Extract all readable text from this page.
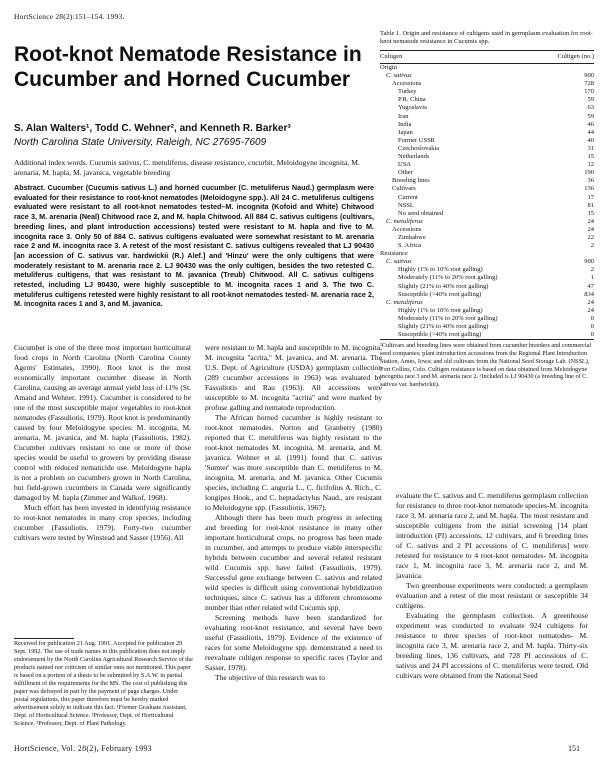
HortScience 28(2):151–154. 1993.
Root-knot Nematode Resistance in Cucumber and Horned Cucumber
S. Alan Walters¹, Todd C. Wehner², and Kenneth R. Barker³
North Carolina State University, Raleigh, NC 27695-7609
Additional index words. Cucumis sativus, C. metuliferus, disease resistance, cucurbit, Meloidogyne incognita, M. arenaria, M. hapla, M. javanica, vegetable breeding
Abstract. Cucumber (Cucumis sativus L.) and horned cucumber (C. metuliferus Naud.) germplasm were evaluated for their resistance to root-knot nematodes (Meloidogyne spp.). All 24 C. metuliferus cultigens evaluated were resistant to all root-knot nematodes tested–M. incognita (Kofoid and White) Chitwood race 3, M. arenaria (Neal) Chitwood race 2, and M. hapla Chitwood. All 884 C. sativus cultigens (cultivars, breeding lines, and plant introduction accessions) tested were resistant to M. hapla and five to M. incognita race 3. Only 50 of 884 C. sativus cultigens evaluated were somewhat resistant to M. arenaria race 2 and M. incognita race 3. A retest of the most resistant C. sativus cultigens revealed that LJ 90430 [an accession of C. sativus var. hardwickii (R.) Alef.] and 'Hinzu' were the only cultigens that were moderately resistant to M. arenaria race 2. LJ 90430 was the only cultigen, besides the two retested C. metuliferus cultigens, that was resistant to M. javanica (Treub) Chitwood. All C. sativus cultigens retested, including LJ 90430, were highly susceptible to M. incognita races 1 and 3. The two C. metuliferus cultigens retested were highly resistant to all root-knot nematodes tested- M. arenaria race 2, M. incognita races 1 and 3, and M. javanica.

Cucumber is one of the three most important horticultural food crops in North Carolina (North Carolina County Agents' Estimates, 1990). Root knot is the most economically important cucumber disease in North Carolina, causing an average annual yield loss of 11% (St. Amand and Wehner, 1991). Cucumber is considered to be one of the most susceptible major vegetables to root-knot nematodes (Fassuliotis, 1979). Root knot is predominantly caused by four Meloidogyne species: M. incognita, M. arenaria, M. javanica, and M. hapla (Fassuliotis, 1982). Cucumber cultivars resistant to one or more of those species would be useful to growers by providing disease control with reduced nematicide use. Meloidogyne hapla is not a problem on cucumbers grown in North Carolina, but field-grown cucumbers in Canada were significantly damaged by M. hapla (Zimmer and Walkof, 1968).

Much effort has been invested in identifying resistance to root-knot nematodes in many crop species, including cucumber (Fassuliotis, 1979). Forty-two cucumber cultivars were tested by Winstead and Sasser (1956). All

were resistant to M. hapla and susceptible to M. incognita, M. incognita "acrita," M. javanica, and M. arenaria. The U.S. Dept. of Agriculture (USDA) germplasm collection (289 cucumber accessions in 1963) was evaluated by Fassuliotis and Rau (1963). All accessions were susceptible to M. incognita "acrita" and were marked by profuse galling and nematode reproduction.

The African horned cucumber is highly resistant to root-knot nematodes. Norton and Granberry (1980) reported that C. metuliferus was highly resistant to the root-knot nematodes M. incognita, M. arenaria, and M. javanica. Wehner et al. (1991) found that C. sativus 'Sumter' was more susceptible than C. metuliferus to M. incognita, M. arenaria, and M. javanica. Other Cucumis species, including C. anguria L., C. ficifolius A. Rich., C. longipes Hook., and C. heptadactylus Naud., are resistant to Meloidogyne spp. (Fassuliotis, 1967).

Although there has been much progress in selecting and breeding for root-knot resistance in many other important horticultural crops, no progress has been made in cucumber, and attempts to produce viable interspecific hybrids between cucumber and several related resistant wild Cucumis spp. have failed (Fassuliotis, 1979). Successful gene exchange between C. sativus and related wild species is difficult using conventional hybridization techniques, since C. sativus has a different chromosome number than other related wild Cucumis spp.

Screening methods have been standardized for evaluating root-knot resistance, and several have been useful (Fassuliotis, 1979). Evidence of the existence of races for some Meloidogyne spp. demonstrated a need to reevaluate cultigen response to specific races (Taylor and Sasser, 1978).

The objective of this research was to

evaluate the C. sativus and C. metuliferus germplasm collection for resistance to three root-knot nematode species-M. incognita race 3, M. arenaria race 2, and M. hapla. The most resistant and susceptible cultigens from the initial screening [14 plant introduction (PI) accessions, 12 cultivars, and 6 breeding lines of C. sativus and 2 PI accessions of C. metuliferus] were retested for resistance to 4 root-knot nematodes- M. incognita race 1, M. incognita race 3, M. arenaria race 2, and M. javanica.

Two greenhouse experiments were conducted: a germplasm evaluation and a retest of the most resistant or susceptible 34 cultigens.

Evaluating the germplasm collection. A greenhouse experiment was conducted to evaluate 924 cultigens for resistance to three species of root-knot nematodes- M. incognita race 3, M. arenaria race 2, and M. hapla. Thirty-six breeding lines, 136 cultivars, and 728 PI accessions of C. sativus and 24 PI accessions of C. metuliferus were tested. Old cultivars were obtained from the National Seed

Received for publication 21 Aug. 1991. Accepted for publication 29 Sept. 1992. The use of trade names in this publication does not imply endorsement by the North Carolina Agricultural Research Service of the products named nor criticism of similar ones not mentioned. This paper is based on a portion of a thesis to be submitted by S.A.W. in partial fulfillment of the requirements for the MS. The cost of publishing this paper was defrayed in part by the payment of page charges. Under postal regulations, this paper therefore must be hereby marked advertisement solely to indicate this fact. ¹Former Graduate Assistant, Dept. of Horticultural Science. ²Professor, Dept. of Horticultural Science. ³Professor, Dept. of Plant Pathology.
Table 1. Origin and resistance of cultigens used in germplasm evaluation for root-knot nematode resistance in Cucumis spp.
Cultigen	Cultigen (no.)
Origin
C. sativus	900
Accessions	728
Turkey	170
P.R. China	59
Yugoslavia	63
Iran	59
India	46
Japan	44
Former USSR	40
Czechoslovakia	31
Netherlands	15
USA	12
Other	190
Breeding lines	36
Cultivars	136
Current	17
NSSL	81
No seed obtained	15
C. metuliferus	24
Accessions	24
Zimbabwe	22
S. Africa	2
Resistance
C. sativus	900
Highly (1% to 10% root galling)	2
Moderately (11% to 20% root galling)	1
Slightly (21% to 40% root galling)	47
Susceptible (>40% root galling)	834
C. metuliferus	24
Highly (1% to 10% root galling)	24
Moderately (11% to 20% root galling)	0
Slightly (21% to 40% root galling)	0
Susceptible (>40% root galling)	0
²Cultivars and breeding lines were obtained from cucumber breeders and commercial seed companies; plant introduction accessions from the Regional Plant Introduction Station, Ames, Iowa; and old cultivars from the National Seed Storage Lab. (NSSL), Fort Collins, Colo. Cultigen resistance is based on data obtained from Meloidogyne incognita race 3 and M. arenaria race 2. ʸIncluded is LJ 90430 (a breeding line of C. sativus var. hardwickii).
HortScience, Vol. 28(2), February 1993	151
